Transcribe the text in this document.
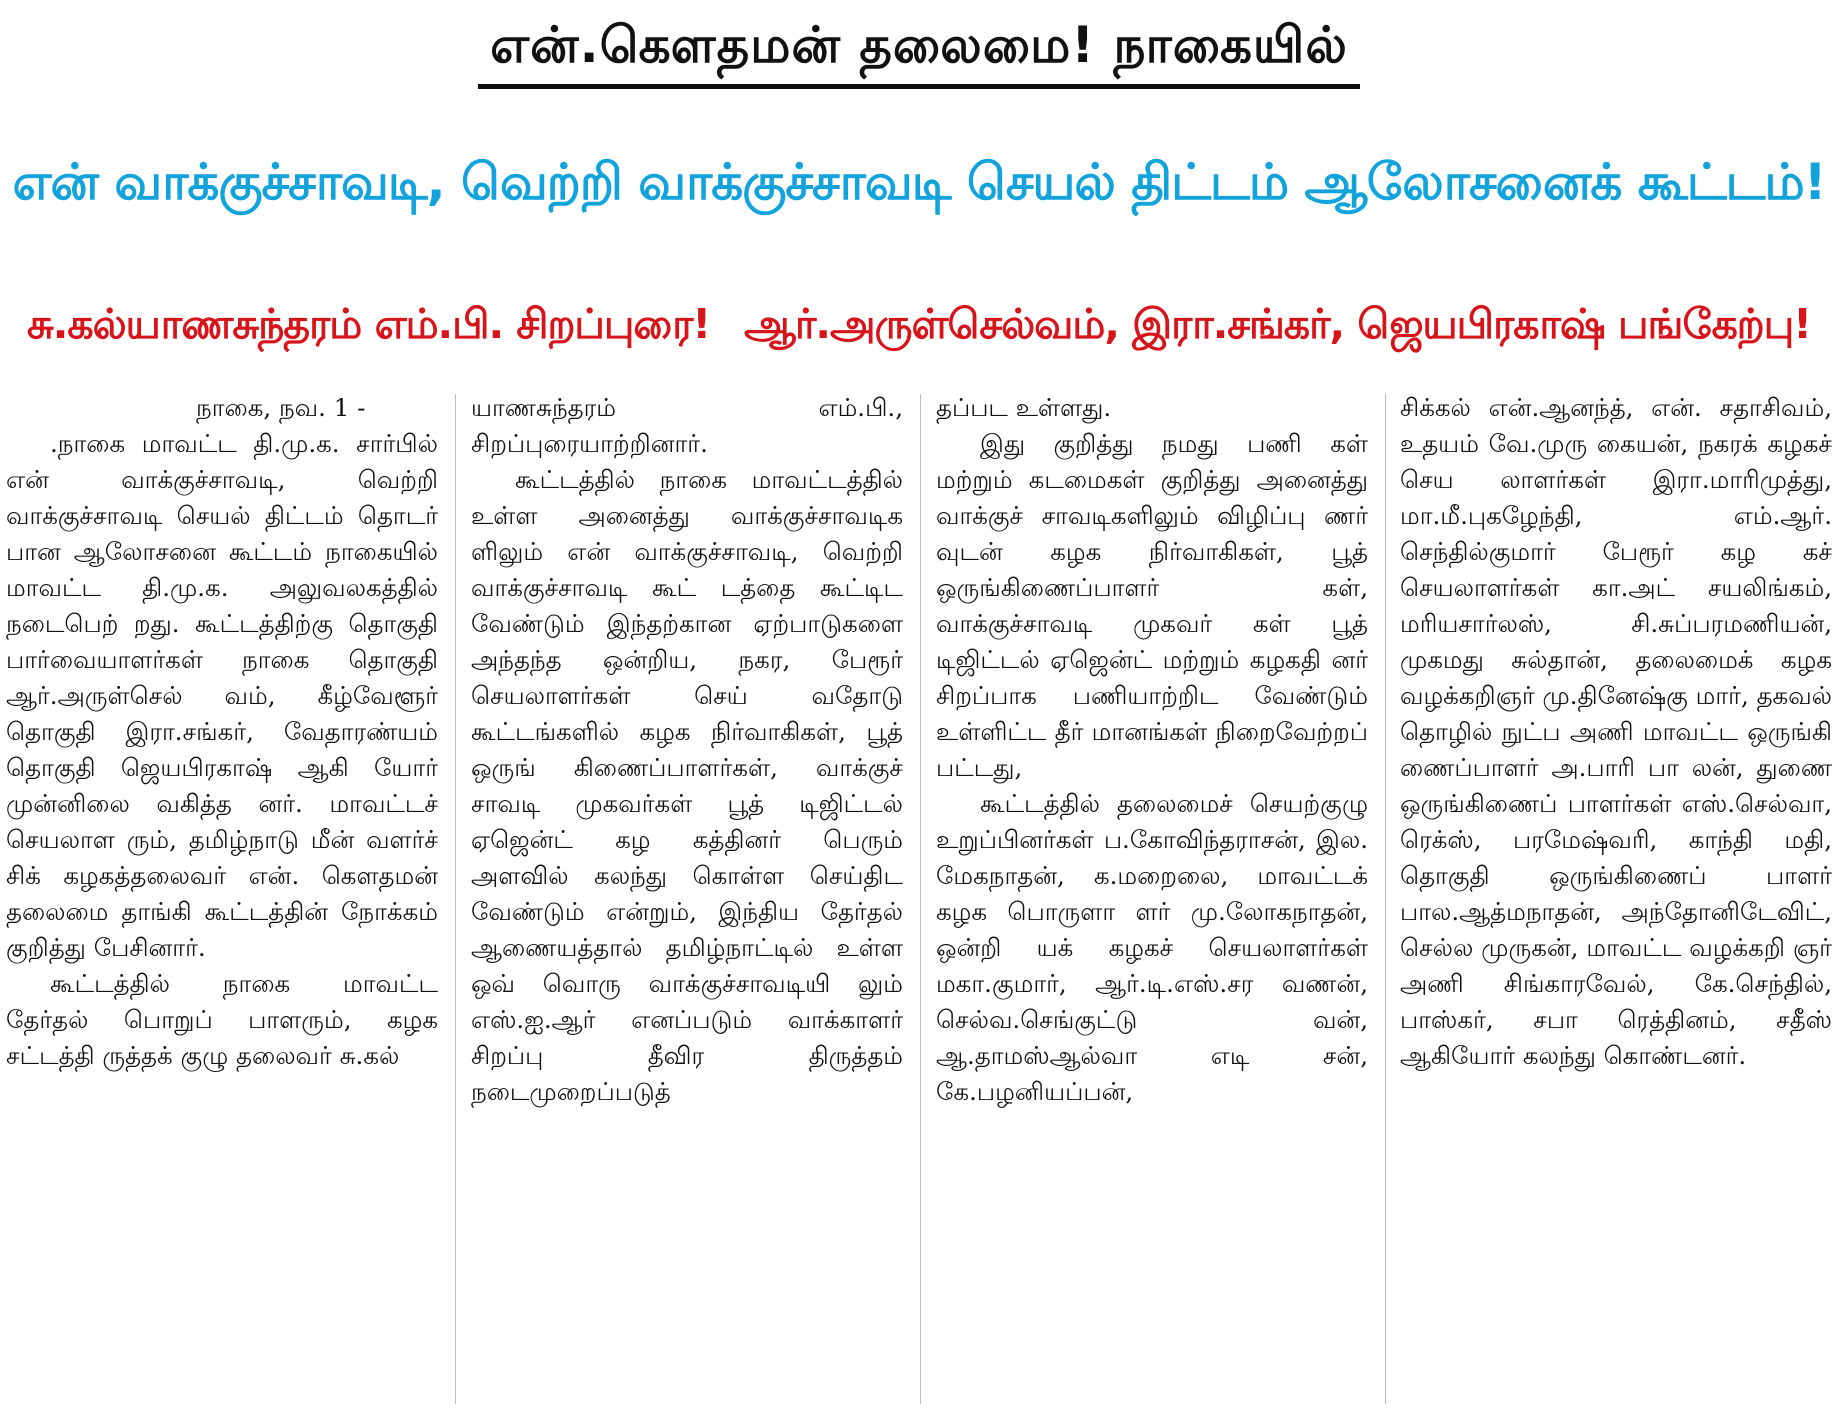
என்.கௌதமன் தலைமை! நாகையில்
என் வாக்குச்சாவடி, வெற்றி வாக்குச்சாவடி செயல் திட்டம் ஆலோசனைக் கூட்டம்!
சு.கல்யாணசுந்தரம் எம்.பி. சிறப்புரை! ஆர்.அருள்செல்வம், இரா.சங்கர், ஜெயபிரகாஷ் பங்கேற்பு!

நாகை, நவ. 1 -

.நாகை மாவட்ட தி.மு.க. சார்பில் என் வாக்குச்சாவடி, வெற்றி வாக்குச்சாவடி செயல் திட்டம் தொடர் பான ஆலோசனை கூட்டம் நாகையில் மாவட்ட தி.மு.க. அலுவலகத்தில் நடைபெற் றது. கூட்டத்திற்கு தொகுதி பார்வையாளர்கள் நாகை தொகுதி ஆர்.அருள்செல் வம், கீழ்வேளூர் தொகுதி இரா.சங்கர், வேதாரண்யம் தொகுதி ஜெயபிரகாஷ் ஆகி யோர் முன்னிலை வகித்த னர். மாவட்டச் செயலாள ரும், தமிழ்நாடு மீன் வளர்ச் சிக் கழகத்தலைவர் என். கௌதமன் தலைமை தாங்கி கூட்டத்தின் நோக்கம் குறித்து பேசினார்.

கூட்டத்தில் நாகை மாவட்ட தேர்தல் பொறுப் பாளரும், கழக சட்டத்தி ருத்தக் குழு தலைவர் சு.கல்

யாணசுந்தரம் எம்.பி., சிறப்புரையாற்றினார்.

கூட்டத்தில் நாகை மாவட்டத்தில் உள்ள அனைத்து வாக்குச்சாவடிக ளிலும் என் வாக்குச்சாவடி, வெற்றி வாக்குச்சாவடி கூட் டத்தை கூட்டிட வேண்டும் இந்தற்கான ஏற்பாடுகளை அந்தந்த ஒன்றிய, நகர, பேரூர் செயலாளர்கள் செய் வதோடு கூட்டங்களில் கழக நிர்வாகிகள், பூத் ஒருங் கிணைப்பாளர்கள், வாக்குச் சாவடி முகவர்கள் பூத் டிஜிட்டல் ஏஜென்ட் கழ கத்தினர் பெரும் அளவில் கலந்து கொள்ள செய்திட வேண்டும் என்றும், இந்திய தேர்தல் ஆணையத்தால் தமிழ்நாட்டில் உள்ள ஒவ் வொரு வாக்குச்சாவடியி லும் எஸ்.ஐ.ஆர் எனப்படும் வாக்காளர் சிறப்பு தீவிர திருத்தம் நடைமுறைப்படுத்

தப்பட உள்ளது.

இது குறித்து நமது பணி கள் மற்றும் கடமைகள் குறித்து அனைத்து வாக்குச் சாவடிகளிலும் விழிப்பு ணர் வுடன் கழக நிர்வாகிகள், பூத் ஒருங்கிணைப்பாளர் கள், வாக்குச்சாவடி முகவர் கள் பூத் டிஜிட்டல் ஏஜென்ட் மற்றும் கழகதி னர் சிறப்பாக பணியாற்றிட வேண்டும் உள்ளிட்ட தீர் மானங்கள் நிறைவேற்றப் பட்டது,

கூட்டத்தில் தலைமைச் செயற்குழு உறுப்பினர்கள் ப.கோவிந்தராசன், இல. மேகநாதன், க.மறைலை, மாவட்டக் கழக பொருளா ளர் மு.லோகநாதன், ஒன்றி யக் கழகச் செயலாளர்கள் மகா.குமார், ஆர்.டி.எஸ்.சர வணன், செல்வ.செங்குட்டு வன், ஆ.தாமஸ்ஆல்வா எடி சன், கே.பழனியப்பன்,

சிக்கல் என்.ஆனந்த், என். சதாசிவம், உதயம் வே.முரு கையன், நகரக் கழகச் செய லாளர்கள் இரா.மாரிமுத்து, மா.மீ.புகழேந்தி, எம்.ஆர். செந்தில்குமார் பேரூர் கழ கச் செயலாளர்கள் கா.அட் சயலிங்கம், மரியசார்லஸ், சி.சுப்பரமணியன், முகமது சுல்தான், தலைமைக் கழக வழக்கறிஞர் மு.தினேஷ்கு மார், தகவல் தொழில் நுட்ப அணி மாவட்ட ஒருங்கி ணைப்பாளர் அ.பாரி பா லன், துணை ஒருங்கிணைப் பாளர்கள் எஸ்.செல்வா, ரெக்ஸ், பரமேஷ்வரி, காந்தி மதி, தொகுதி ஒருங்கிணைப் பாளர் பால.ஆத்மநாதன், அந்தோனிடேவிட், செல்ல முருகன், மாவட்ட வழக்கறி ஞர் அணி சிங்காரவேல், கே.செந்தில், பாஸ்கர், சபா ரெத்தினம், சதீஸ் ஆகியோர் கலந்து கொண்டனர்.
